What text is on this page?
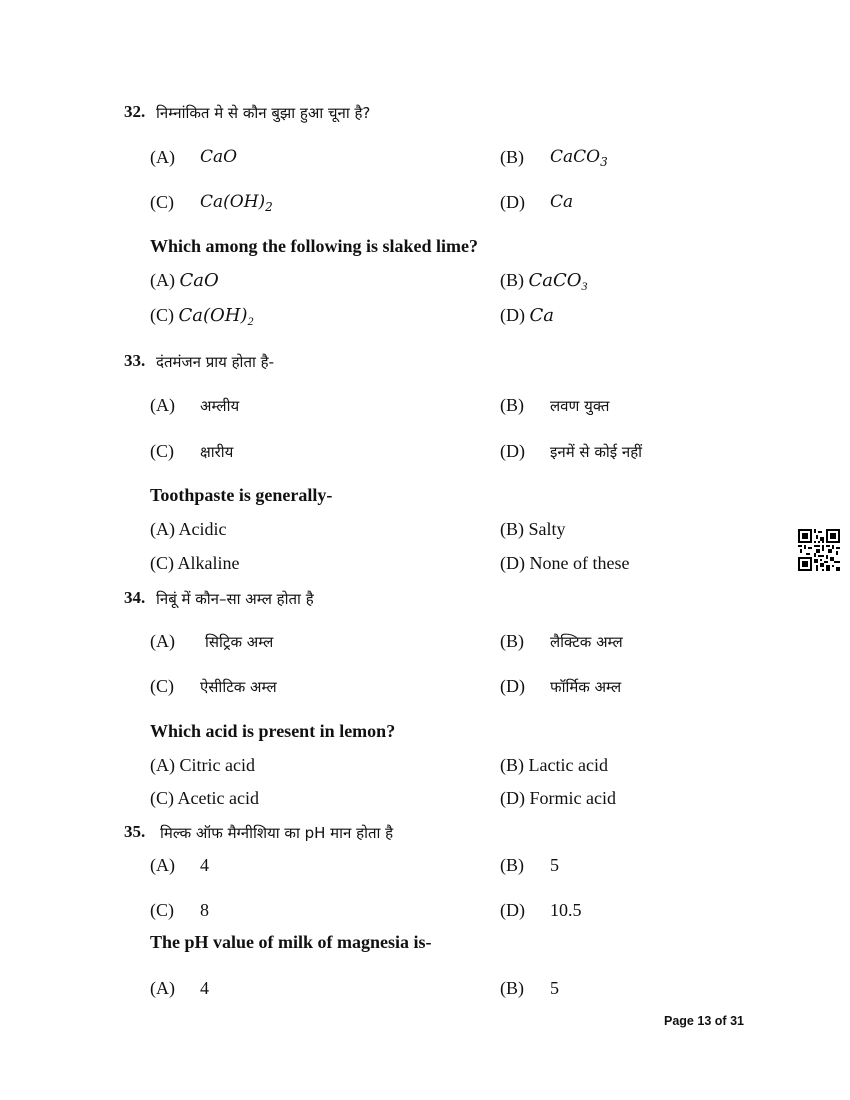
32. निम्नांकित मे से कौन बुझा हुआ चूना है?
(A) CaO	(B) CaCO$_3$
(C) $Ca(OH)_2$	(D) Ca
Which among the following is slaked lime?
(A) CaO	(B) CaCO$_3$
(C) $Ca(OH)_2$	(D) Ca
33. दंतमंजन प्राय होता है-
(A) अम्लीय	(B) लवण युक्त
(C) क्षारीय	(D) इनमें से कोई नहीं
Toothpaste is generally-
(A) Acidic	(B) Salty
(C) Alkaline	(D) None of these
34. निबूं में कौन–सा अम्ल होता है
(A) सिट्रिक अम्ल	(B) लैक्टिक अम्ल
(C) ऐसीटिक अम्ल	(D) फॉर्मिक अम्ल
Which acid is present in lemon?
(A) Citric acid	(B) Lactic acid
(C) Acetic acid	(D) Formic acid
35. मिल्क ऑफ मैग्नीशिया का pH मान होता है
(A) 4	(B) 5
(C) 8	(D) 10.5
The pH value of milk of magnesia is-
(A) 4	(B) 5
Page 13 of 31
